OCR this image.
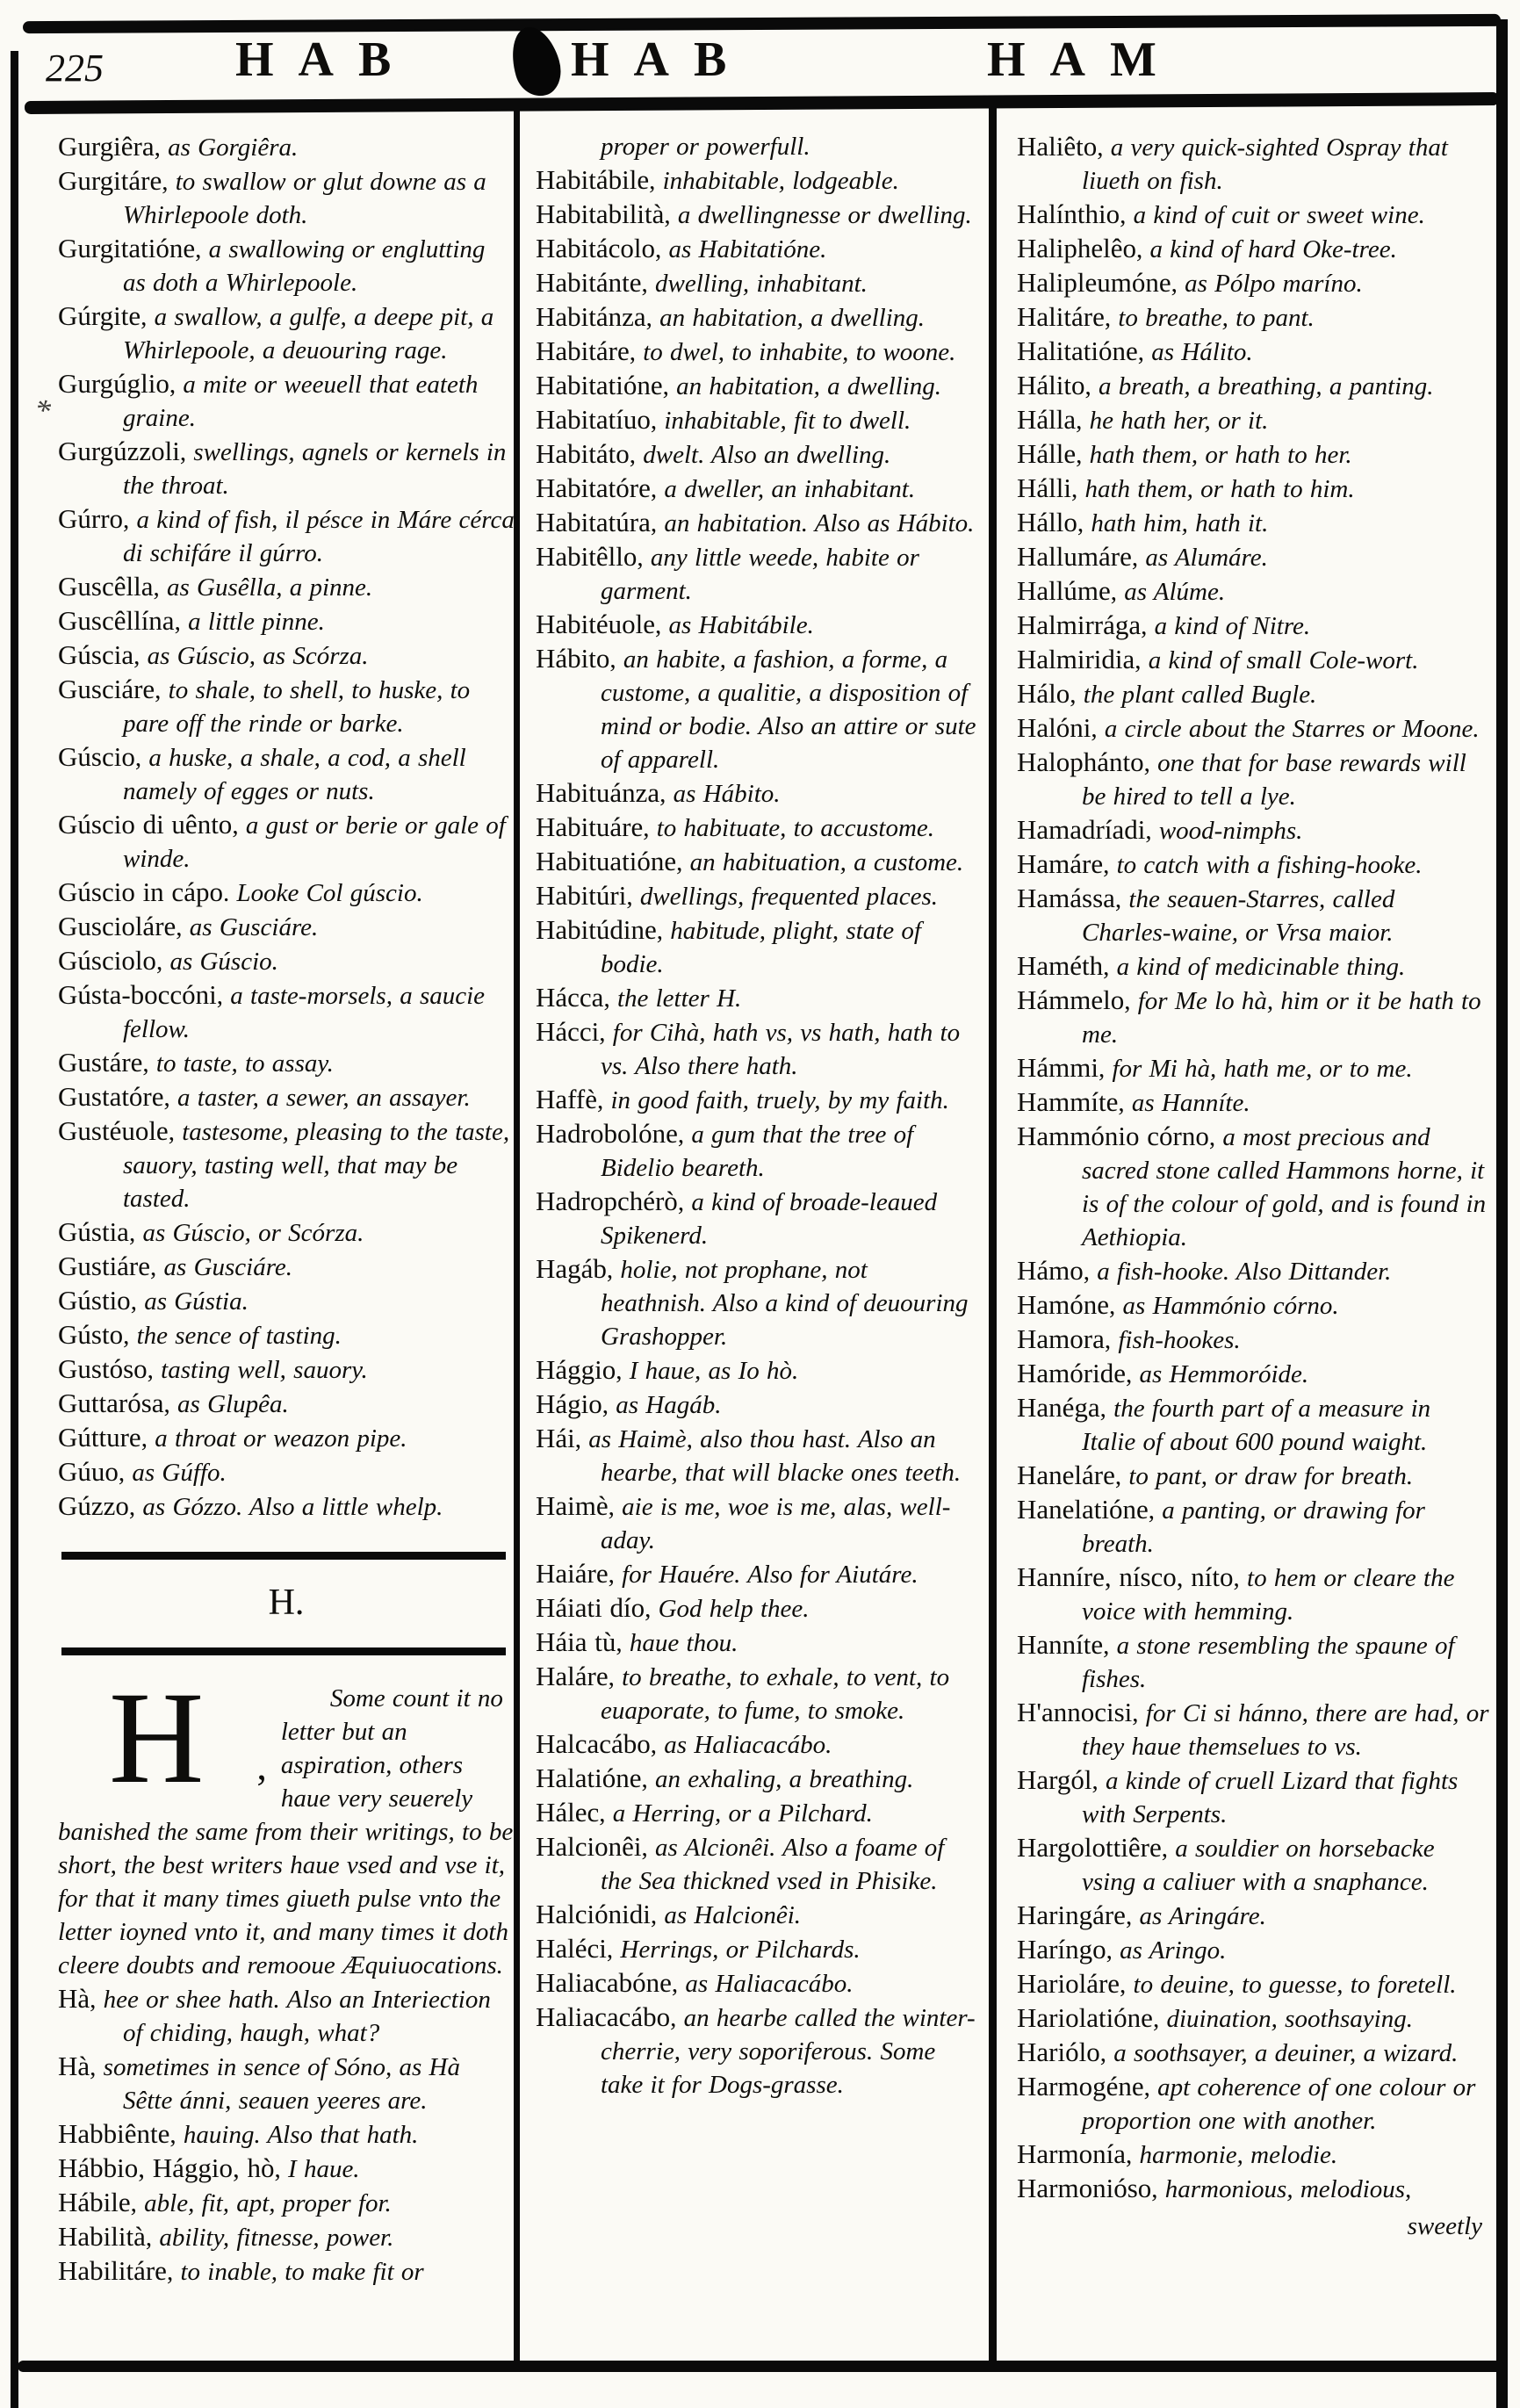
225	HAB	HAB	HAM
*
Gurgiêra, as Gorgiêra.
Gurgitáre, to swallow or glut downe as a Whirlepoole doth.
Gurgitatióne, a swallowing or englutting as doth a Whirlepoole.
Gúrgite, a swallow, a gulfe, a deepe pit, a Whirlepoole, a deuouring rage.
Gurgúglio, a mite or weeuell that eateth graine.
Gurgúzzoli, swellings, agnels or kernels in the throat.
Gúrro, a kind of fish, il pésce in Máre cérca di schifáre il gúrro.
Guscêlla, as Gusêlla, a pinne.
Guscêllína, a little pinne.
Gúscia, as Gúscio, as Scórza.
Gusciáre, to shale, to shell, to huske, to pare off the rinde or barke.
Gúscio, a huske, a shale, a cod, a shell namely of egges or nuts.
Gúscio di uênto, a gust or berie or gale of winde.
Gúscio in cápo. Looke Col gúscio.
Guscioláre, as Gusciáre.
Gúsciolo, as Gúscio.
Gústa-boccóni, a taste-morsels, a saucie fellow.
Gustáre, to taste, to assay.
Gustatóre, a taster, a sewer, an assayer.
Gustéuole, tastesome, pleasing to the taste, sauory, tasting well, that may be tasted.
Gústia, as Gúscio, or Scórza.
Gustiáre, as Gusciáre.
Gústio, as Gústia.
Gústo, the sence of tasting.
Gustóso, tasting well, sauory.
Guttarósa, as Glupêa.
Gútture, a throat or weazon pipe.
Gúuo, as Gúffo.
Gúzzo, as Gózzo. Also a little whelp.
H.
H	,
Some count it no letter but an aspiration, others haue very seuerely banished the same from their writings, to be short, the best writers haue vsed and vse it, for that it many times giueth pulse vnto the letter ioyned vnto it, and many times it doth cleere doubts and remooue Æquiuocations.
Hà, hee or shee hath. Also an Interiection of chiding, haugh, what?
Hà, sometimes in sence of Sóno, as Hà Sêtte ánni, seauen yeeres are.
Habbiênte, hauing. Also that hath.
Hábbio, Hággio, hò, I haue.
Hábile, able, fit, apt, proper for.
Habilità, ability, fitnesse, power.
Habilitáre, to inable, to make fit or
proper or powerfull.
Habitábile, inhabitable, lodgeable.
Habitabilità, a dwellingnesse or dwelling.
Habitácolo, as Habitatióne.
Habitánte, dwelling, inhabitant.
Habitánza, an habitation, a dwelling.
Habitáre, to dwel, to inhabite, to woone.
Habitatióne, an habitation, a dwelling.
Habitatíuo, inhabitable, fit to dwell.
Habitáto, dwelt. Also an dwelling.
Habitatóre, a dweller, an inhabitant.
Habitatúra, an habitation. Also as Hábito.
Habitêllo, any little weede, habite or garment.
Habitéuole, as Habitábile.
Hábito, an habite, a fashion, a forme, a custome, a qualitie, a disposition of mind or bodie. Also an attire or sute of apparell.
Habituánza, as Hábito.
Habituáre, to habituate, to accustome.
Habituatióne, an habituation, a custome.
Habitúri, dwellings, frequented places.
Habitúdine, habitude, plight, state of bodie.
Hácca, the letter H.
Hácci, for Cihà, hath vs, vs hath, hath to vs. Also there hath.
Haffè, in good faith, truely, by my faith.
Hadrobolóne, a gum that the tree of Bidelio beareth.
Hadropchérò, a kind of broade-leaued Spikenerd.
Hagáb, holie, not prophane, not heathnish. Also a kind of deuouring Grashopper.
Hággio, I haue, as Io hò.
Hágio, as Hagáb.
Hái, as Haimè, also thou hast. Also an hearbe, that will blacke ones teeth.
Haimè, aie is me, woe is me, alas, well-aday.
Haiáre, for Hauére. Also for Aiutáre.
Háiati dío, God help thee.
Háia tù, haue thou.
Haláre, to breathe, to exhale, to vent, to euaporate, to fume, to smoke.
Halcacábo, as Haliacacábo.
Halatióne, an exhaling, a breathing.
Hálec, a Herring, or a Pilchard.
Halcionêi, as Alcionêi. Also a foame of the Sea thickned vsed in Phisike.
Halciónidi, as Halcionêi.
Haléci, Herrings, or Pilchards.
Haliacabóne, as Haliacacábo.
Haliacacábo, an hearbe called the winter-cherrie, very soporiferous. Some take it for Dogs-grasse.
Haliêto, a very quick-sighted Ospray that liueth on fish.
Halínthio, a kind of cuit or sweet wine.
Haliphelêo, a kind of hard Oke-tree.
Halipleumóne, as Pólpo maríno.
Halitáre, to breathe, to pant.
Halitatióne, as Hálito.
Hálito, a breath, a breathing, a panting.
Hálla, he hath her, or it.
Hálle, hath them, or hath to her.
Hálli, hath them, or hath to him.
Hállo, hath him, hath it.
Hallumáre, as Alumáre.
Hallúme, as Alúme.
Halmirrága, a kind of Nitre.
Halmiridia, a kind of small Cole-wort.
Hálo, the plant called Bugle.
Halóni, a circle about the Starres or Moone.
Halophánto, one that for base rewards will be hired to tell a lye.
Hamadríadi, wood-nimphs.
Hamáre, to catch with a fishing-hooke.
Hamássa, the seauen-Starres, called Charles-waine, or Vrsa maior.
Haméth, a kind of medicinable thing.
Hámmelo, for Me lo hà, him or it be hath to me.
Hámmi, for Mi hà, hath me, or to me.
Hammíte, as Hanníte.
Hammónio córno, a most precious and sacred stone called Hammons horne, it is of the colour of gold, and is found in Aethiopia.
Hámo, a fish-hooke. Also Dittander.
Hamóne, as Hammónio córno.
Hamora, fish-hookes.
Hamóride, as Hemmoróide.
Hanéga, the fourth part of a measure in Italie of about 600 pound waight.
Haneláre, to pant, or draw for breath.
Hanelatióne, a panting, or drawing for breath.
Hanníre, nísco, níto, to hem or cleare the voice with hemming.
Hanníte, a stone resembling the spaune of fishes.
H'annocisi, for Ci si hánno, there are had, or they haue themselues to vs.
Hargól, a kinde of cruell Lizard that fights with Serpents.
Hargolottiêre, a souldier on horsebacke vsing a caliuer with a snaphance.
Haringáre, as Aringáre.
Haríngo, as Aringo.
Harioláre, to deuine, to guesse, to foretell.
Hariolatióne, diuination, soothsaying.
Hariólo, a soothsayer, a deuiner, a wizard.
Harmogéne, apt coherence of one colour or proportion one with another.
Harmonía, harmonie, melodie.
Harmonióso, harmonious, melodious,
sweetly
